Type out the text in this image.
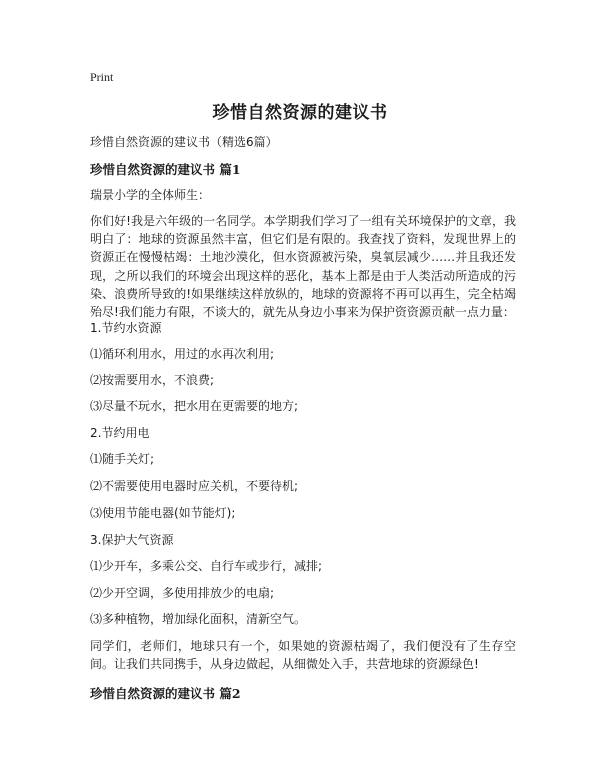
Print
珍惜自然资源的建议书
珍惜自然资源的建议书（精选6篇）
珍惜自然资源的建议书 篇1

瑞景小学的全体师生：

你们好!我是六年级的一名同学。本学期我们学习了一组有关环境保护的文章，我明白了：地球的资源虽然丰富，但它们是有限的。我查找了资料，发现世界上的资源正在慢慢枯竭：土地沙漠化，但水资源被污染，臭氧层减少……并且我还发现，之所以我们的环境会出现这样的恶化，基本上都是由于人类活动所造成的污染、浪费所导致的!如果继续这样放纵的，地球的资源将不再可以再生，完全枯竭殆尽!我们能力有限，不谈大的，就先从身边小事来为保护资资源贡献一点力量：

1.节约水资源

⑴循环利用水，用过的水再次利用;

⑵按需要用水，不浪费;

⑶尽量不玩水，把水用在更需要的地方;

2.节约用电

⑴随手关灯;

⑵不需要使用电器时应关机，不要待机;

⑶使用节能电器(如节能灯);

3.保护大气资源

⑴少开车，多乘公交、自行车或步行，减排;

⑵少开空调，多使用排放少的电扇;

⑶多种植物，增加绿化面积，清新空气。

同学们，老师们，地球只有一个，如果她的资源枯竭了，我们便没有了生存空间。让我们共同携手，从身边做起，从细微处入手，共营地球的资源绿色!

珍惜自然资源的建议书 篇2
